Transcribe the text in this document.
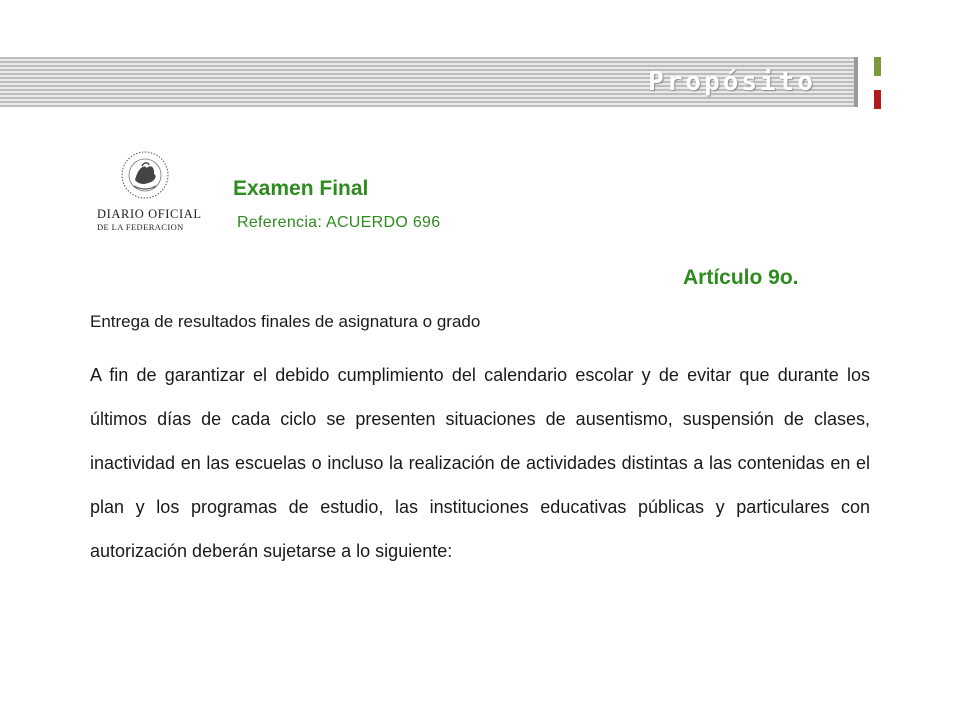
Propósito
DIARIO OFICIAL
DE LA FEDERACION
Examen Final
Referencia: ACUERDO 696
Artículo 9o.
Entrega de resultados finales de asignatura o grado

A fin de garantizar el debido cumplimiento del calendario escolar y de evitar que durante los últimos días de cada ciclo se presenten situaciones de ausentismo, suspensión de clases, inactividad en las escuelas o incluso la realización de actividades distintas a las contenidas en el plan y los programas de estudio, las instituciones educativas públicas y particulares con autorización deberán sujetarse a lo siguiente:
